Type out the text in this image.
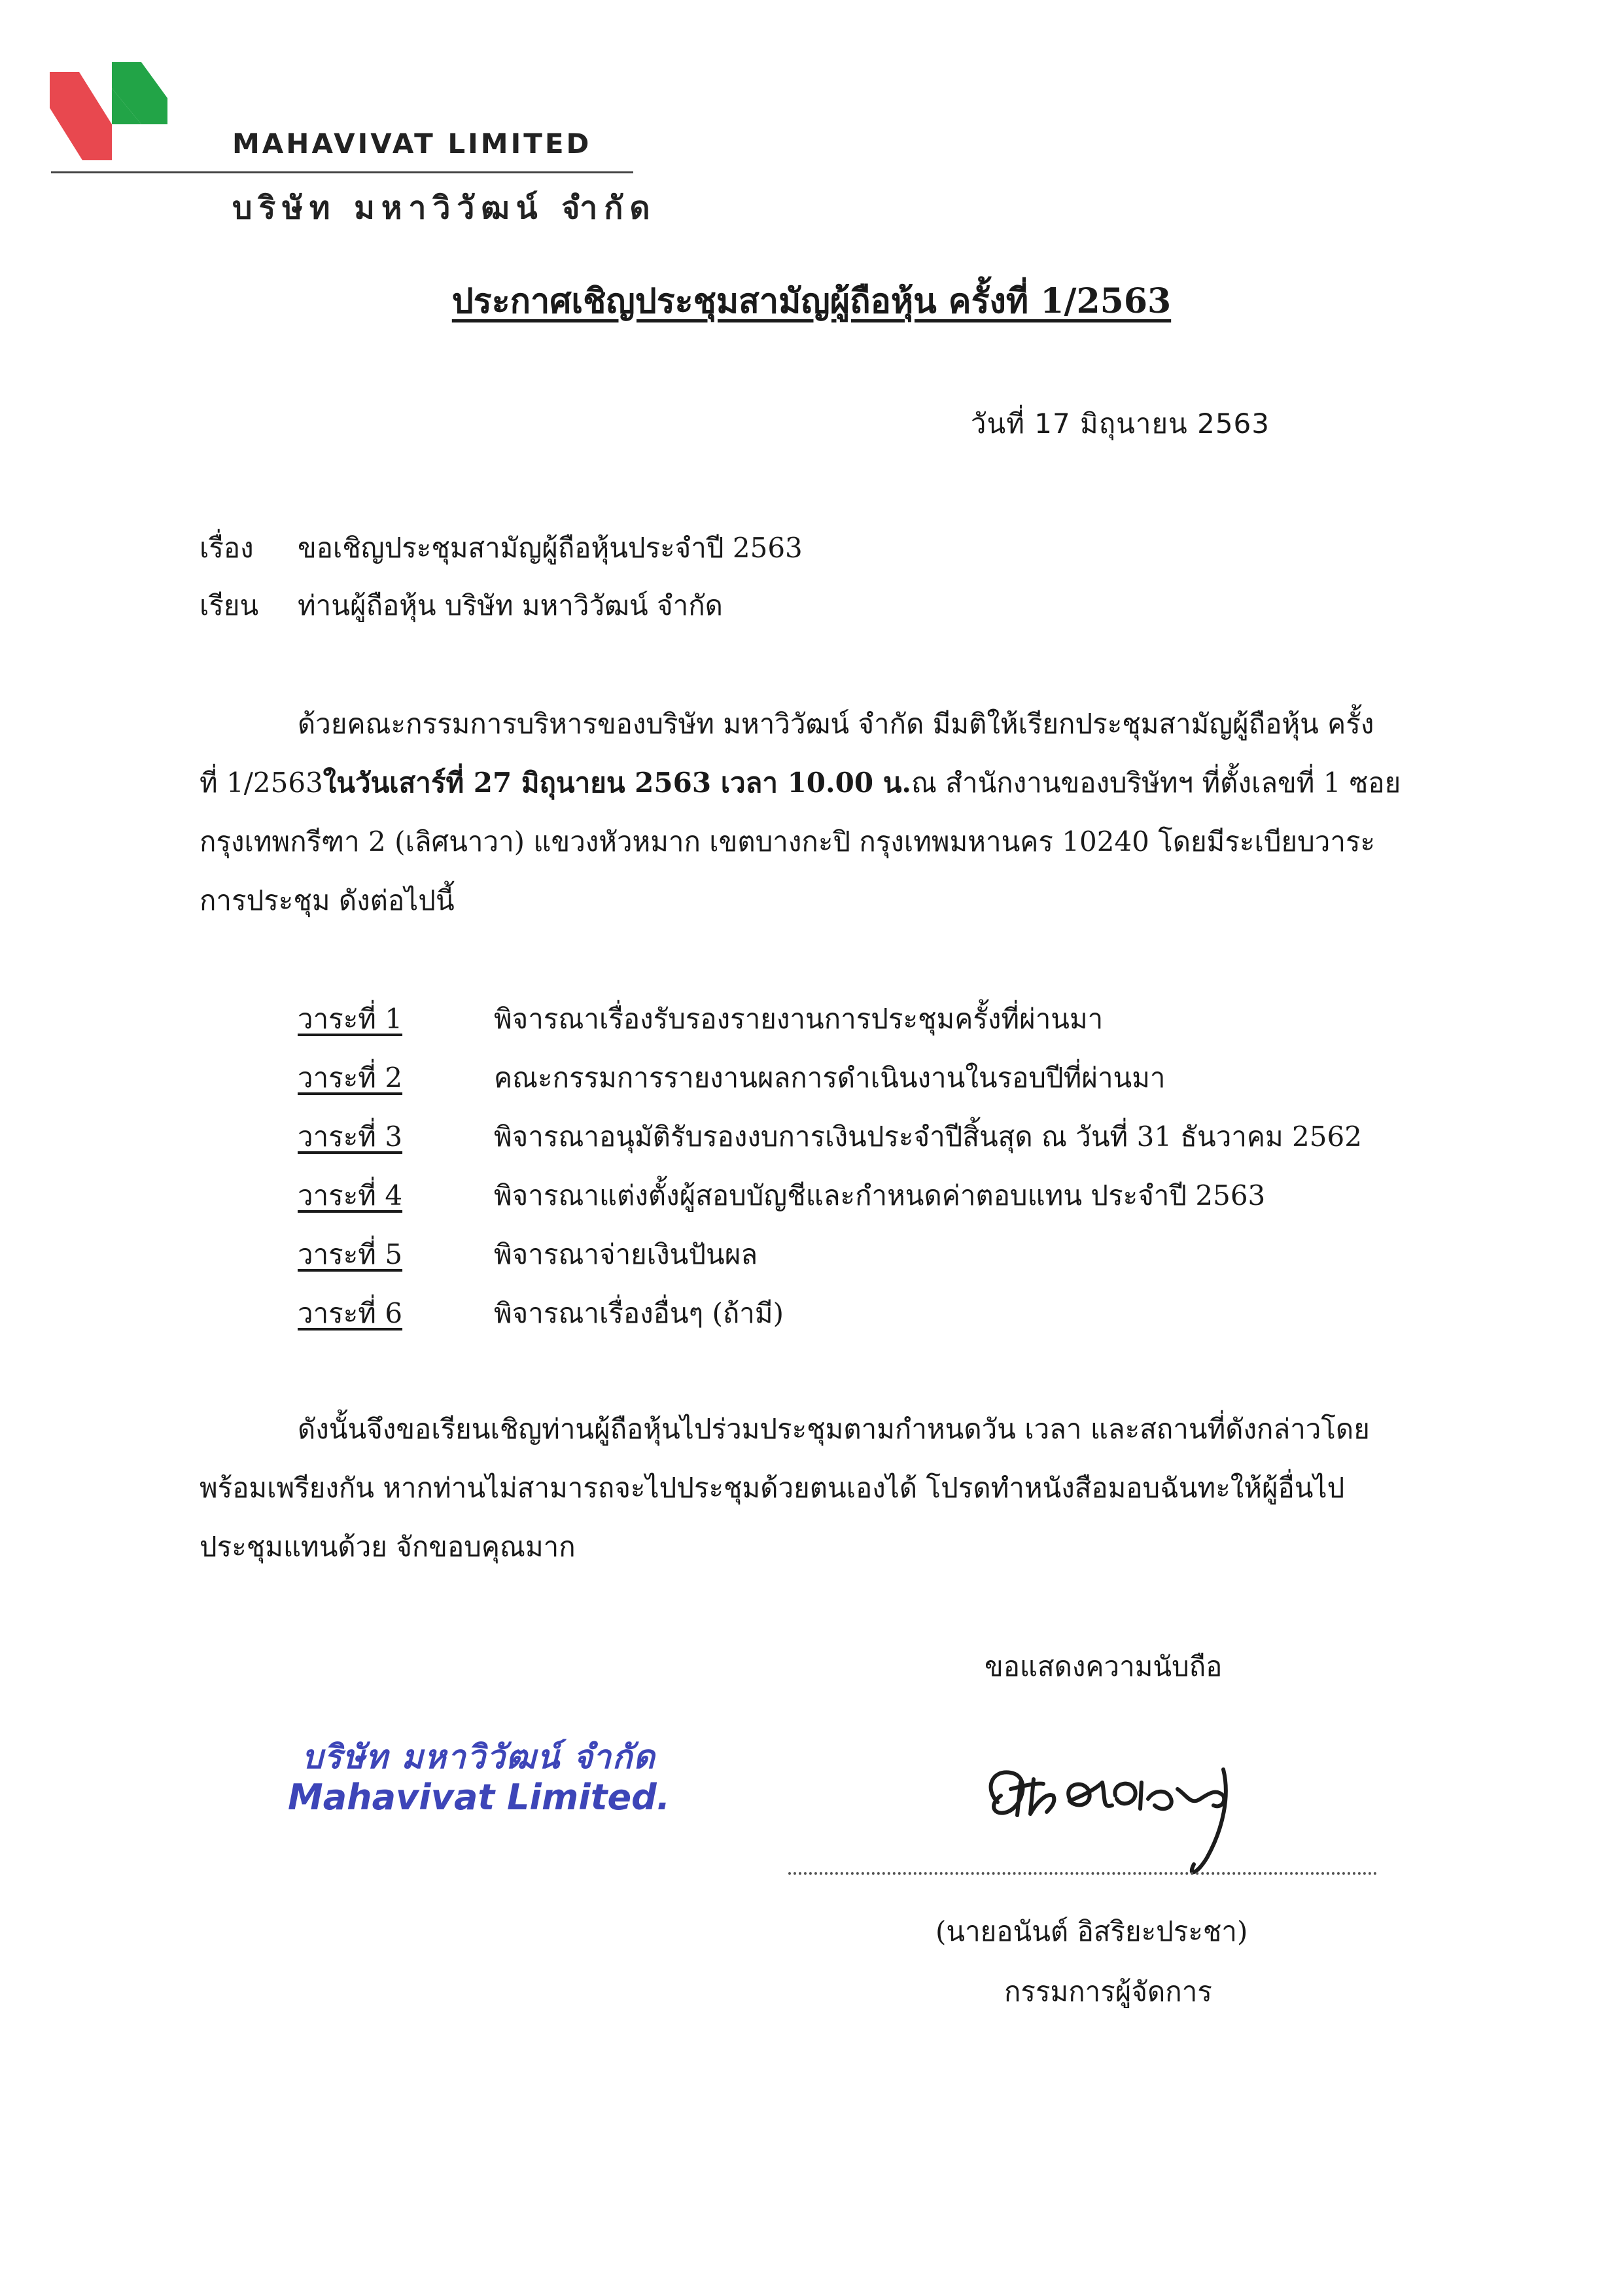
MAHAVIVAT LIMITED
บริษัท มหาวิวัฒน์ จำกัด
ประกาศเชิญประชุมสามัญผู้ถือหุ้น ครั้งที่ 1/2563
วันที่ 17 มิถุนายน 2563
เรื่อง ขอเชิญประชุมสามัญผู้ถือหุ้นประจำปี 2563
เรียน ท่านผู้ถือหุ้น บริษัท มหาวิวัฒน์ จำกัด
ด้วยคณะกรรมการบริหารของบริษัท มหาวิวัฒน์ จำกัด มีมติให้เรียกประชุมสามัญผู้ถือหุ้น ครั้ง
ที่ 1/2563 ในวันเสาร์ที่ 27 มิถุนายน 2563 เวลา 10.00 น. ณ สำนักงานของบริษัทฯ ที่ตั้งเลขที่ 1 ซอย
กรุงเทพกรีฑา 2 (เลิศนาวา) แขวงหัวหมาก เขตบางกะปิ กรุงเทพมหานคร 10240 โดยมีระเบียบวาระ
การประชุม ดังต่อไปนี้
วาระที่ 1	พิจารณาเรื่องรับรองรายงานการประชุมครั้งที่ผ่านมา
วาระที่ 2	คณะกรรมการรายงานผลการดำเนินงานในรอบปีที่ผ่านมา
วาระที่ 3	พิจารณาอนุมัติรับรองงบการเงินประจำปีสิ้นสุด ณ วันที่ 31 ธันวาคม 2562
วาระที่ 4	พิจารณาแต่งตั้งผู้สอบบัญชีและกำหนดค่าตอบแทน ประจำปี 2563
วาระที่ 5	พิจารณาจ่ายเงินปันผล
วาระที่ 6	พิจารณาเรื่องอื่นๆ (ถ้ามี)
ดังนั้นจึงขอเรียนเชิญท่านผู้ถือหุ้นไปร่วมประชุมตามกำหนดวัน เวลา และสถานที่ดังกล่าวโดย
พร้อมเพรียงกัน หากท่านไม่สามารถจะไปประชุมด้วยตนเองได้ โปรดทำหนังสือมอบฉันทะให้ผู้อื่นไป
ประชุมแทนด้วย จักขอบคุณมาก
ขอแสดงความนับถือ
บริษัท มหาวิวัฒน์ จำกัด
Mahavivat Limited.
(นายอนันต์ อิสริยะประชา)
กรรมการผู้จัดการ
